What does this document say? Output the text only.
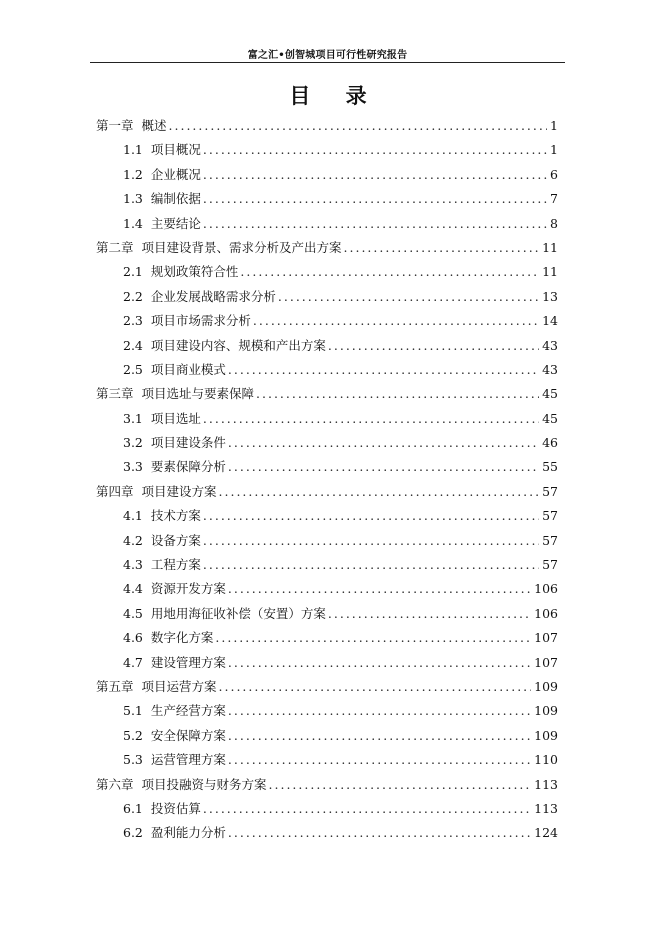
富之汇•创智城项目可行性研究报告
目 录
第一章 概述 .....	1
1.1 项目概况 .....	1
1.2 企业概况 .....	6
1.3 编制依据 .....	7
1.4 主要结论 .....	8
第二章 项目建设背景、需求分析及产出方案 .....	11
2.1 规划政策符合性 .....	11
2.2 企业发展战略需求分析 .....	13
2.3 项目市场需求分析 .....	14
2.4 项目建设内容、规模和产出方案 .....	43
2.5 项目商业模式 .....	43
第三章 项目选址与要素保障 .....	45
3.1 项目选址 .....	45
3.2 项目建设条件 .....	46
3.3 要素保障分析 .....	55
第四章 项目建设方案 .....	57
4.1 技术方案 .....	57
4.2 设备方案 .....	57
4.3 工程方案 .....	57
4.4 资源开发方案 .....	106
4.5 用地用海征收补偿（安置）方案 .....	106
4.6 数字化方案 .....	107
4.7 建设管理方案 .....	107
第五章 项目运营方案 .....	109
5.1 生产经营方案 .....	109
5.2 安全保障方案 .....	109
5.3 运营管理方案 .....	110
第六章 项目投融资与财务方案 .....	113
6.1 投资估算 .....	113
6.2 盈利能力分析 .....	124
